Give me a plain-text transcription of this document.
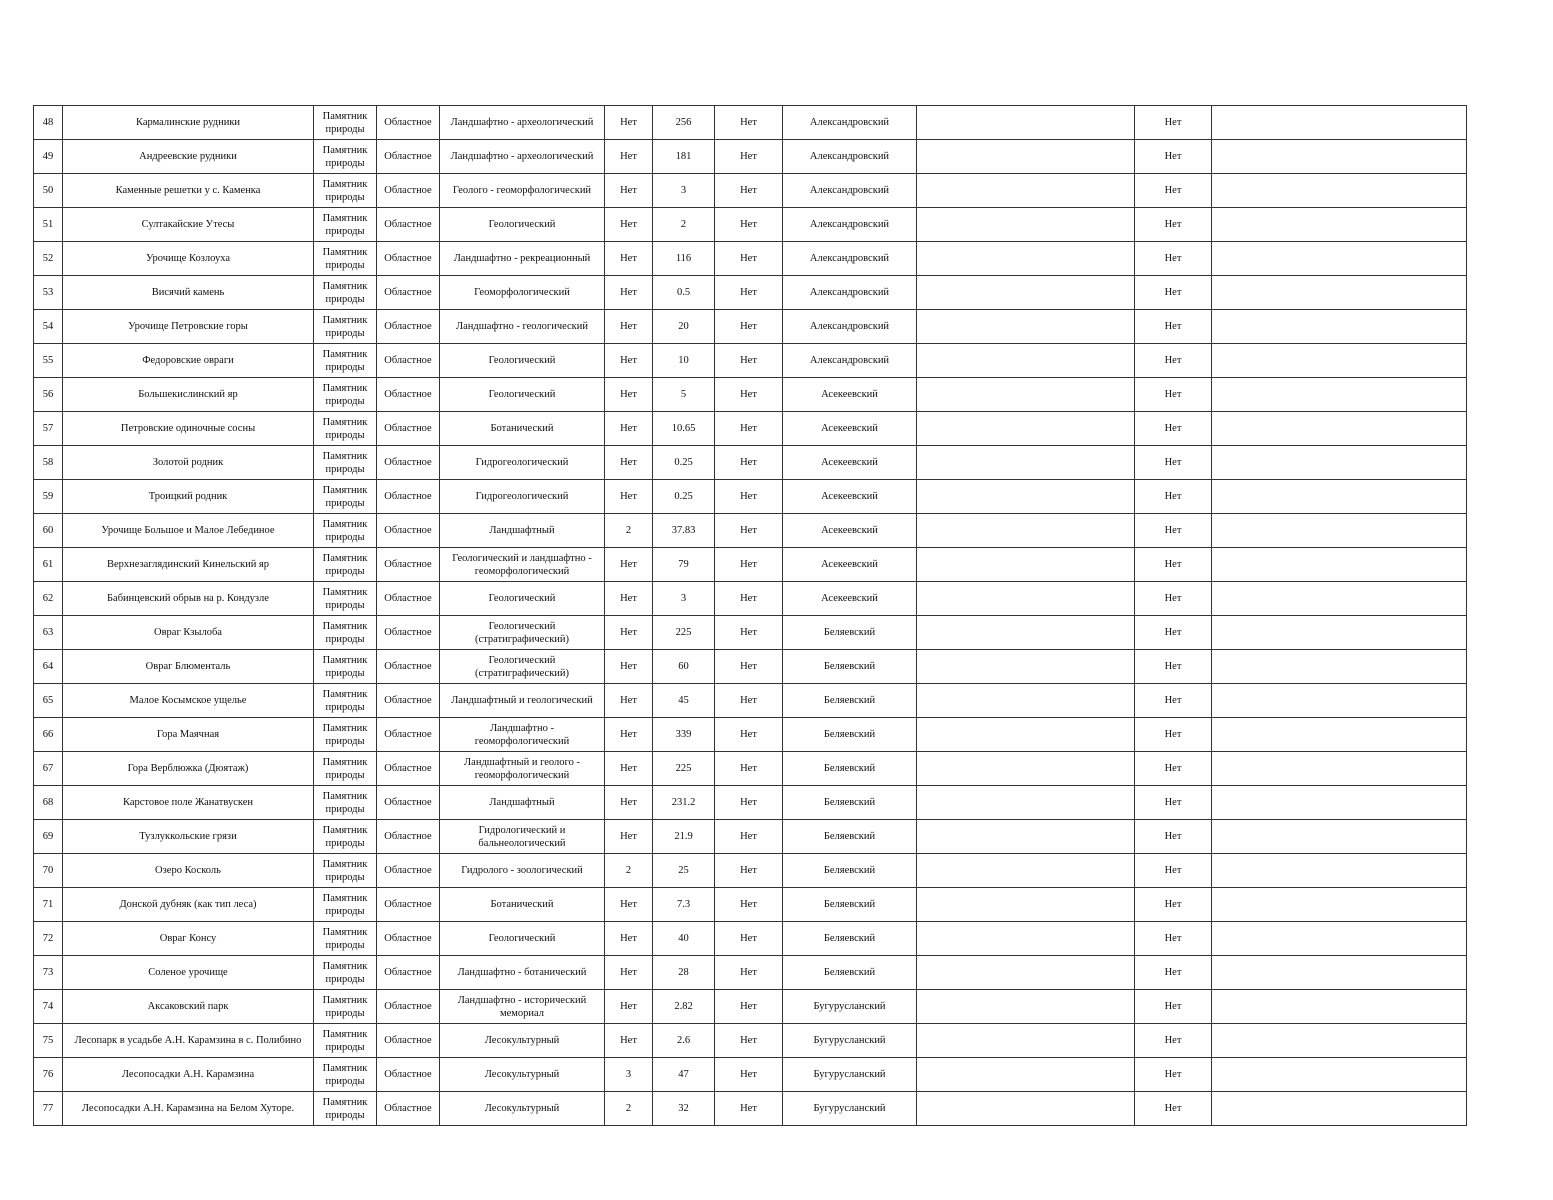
48	Кармалинские рудники	Памятник природы	Областное	Ландшафтно - археологический	Нет	256	Нет	Александровский		Нет	
49	Андреевские рудники	Памятник природы	Областное	Ландшафтно - археологический	Нет	181	Нет	Александровский		Нет	
50	Каменные решетки у с. Каменка	Памятник природы	Областное	Геолого - геоморфологический	Нет	3	Нет	Александровский		Нет	
51	Султакайские Утесы	Памятник природы	Областное	Геологический	Нет	2	Нет	Александровский		Нет	
52	Урочище Козлоуха	Памятник природы	Областное	Ландшафтно - рекреационный	Нет	116	Нет	Александровский		Нет	
53	Висячий камень	Памятник природы	Областное	Геоморфологический	Нет	0.5	Нет	Александровский		Нет	
54	Урочище Петровские горы	Памятник природы	Областное	Ландшафтно - геологический	Нет	20	Нет	Александровский		Нет	
55	Федоровские овраги	Памятник природы	Областное	Геологический	Нет	10	Нет	Александровский		Нет	
56	Большекислинский яр	Памятник природы	Областное	Геологический	Нет	5	Нет	Асекеевский		Нет	
57	Петровские одиночные сосны	Памятник природы	Областное	Ботанический	Нет	10.65	Нет	Асекеевский		Нет	
58	Золотой родник	Памятник природы	Областное	Гидрогеологический	Нет	0.25	Нет	Асекеевский		Нет	
59	Троицкий родник	Памятник природы	Областное	Гидрогеологический	Нет	0.25	Нет	Асекеевский		Нет	
60	Урочище Большое и Малое Лебединое	Памятник природы	Областное	Ландшафтный	2	37.83	Нет	Асекеевский		Нет	
61	Верхнезаглядинский Кинельский яр	Памятник природы	Областное	Геологический и ландшафтно - геоморфологический	Нет	79	Нет	Асекеевский		Нет	
62	Бабинцевский обрыв на р. Кондузле	Памятник природы	Областное	Геологический	Нет	3	Нет	Асекеевский		Нет	
63	Овраг Кзылоба	Памятник природы	Областное	Геологический (стратиграфический)	Нет	225	Нет	Беляевский		Нет	
64	Овраг Блюменталь	Памятник природы	Областное	Геологический (стратиграфический)	Нет	60	Нет	Беляевский		Нет	
65	Малое Косымское ущелье	Памятник природы	Областное	Ландшафтный и геологический	Нет	45	Нет	Беляевский		Нет	
66	Гора Маячная	Памятник природы	Областное	Ландшафтно - геоморфологический	Нет	339	Нет	Беляевский		Нет	
67	Гора Верблюжка (Дюятаж)	Памятник природы	Областное	Ландшафтный и геолого - геоморфологический	Нет	225	Нет	Беляевский		Нет	
68	Карстовое поле Жанатвускен	Памятник природы	Областное	Ландшафтный	Нет	231.2	Нет	Беляевский		Нет	
69	Тузлуккольские грязи	Памятник природы	Областное	Гидрологический и бальнеологический	Нет	21.9	Нет	Беляевский		Нет	
70	Озеро Косколь	Памятник природы	Областное	Гидролого - зоологический	2	25	Нет	Беляевский		Нет	
71	Донской дубняк (как тип леса)	Памятник природы	Областное	Ботанический	Нет	7.3	Нет	Беляевский		Нет	
72	Овраг Консу	Памятник природы	Областное	Геологический	Нет	40	Нет	Беляевский		Нет	
73	Соленое урочище	Памятник природы	Областное	Ландшафтно - ботанический	Нет	28	Нет	Беляевский		Нет	
74	Аксаковский парк	Памятник природы	Областное	Ландшафтно - исторический мемориал	Нет	2.82	Нет	Бугурусланский		Нет	
75	Лесопарк в усадьбе А.Н. Карамзина в с. Полибино	Памятник природы	Областное	Лесокультурный	Нет	2.6	Нет	Бугурусланский		Нет	
76	Лесопосадки А.Н. Карамзина	Памятник природы	Областное	Лесокультурный	3	47	Нет	Бугурусланский		Нет	
77	Лесопосадки А.Н. Карамзина на Белом Хуторе.	Памятник природы	Областное	Лесокультурный	2	32	Нет	Бугурусланский		Нет	
